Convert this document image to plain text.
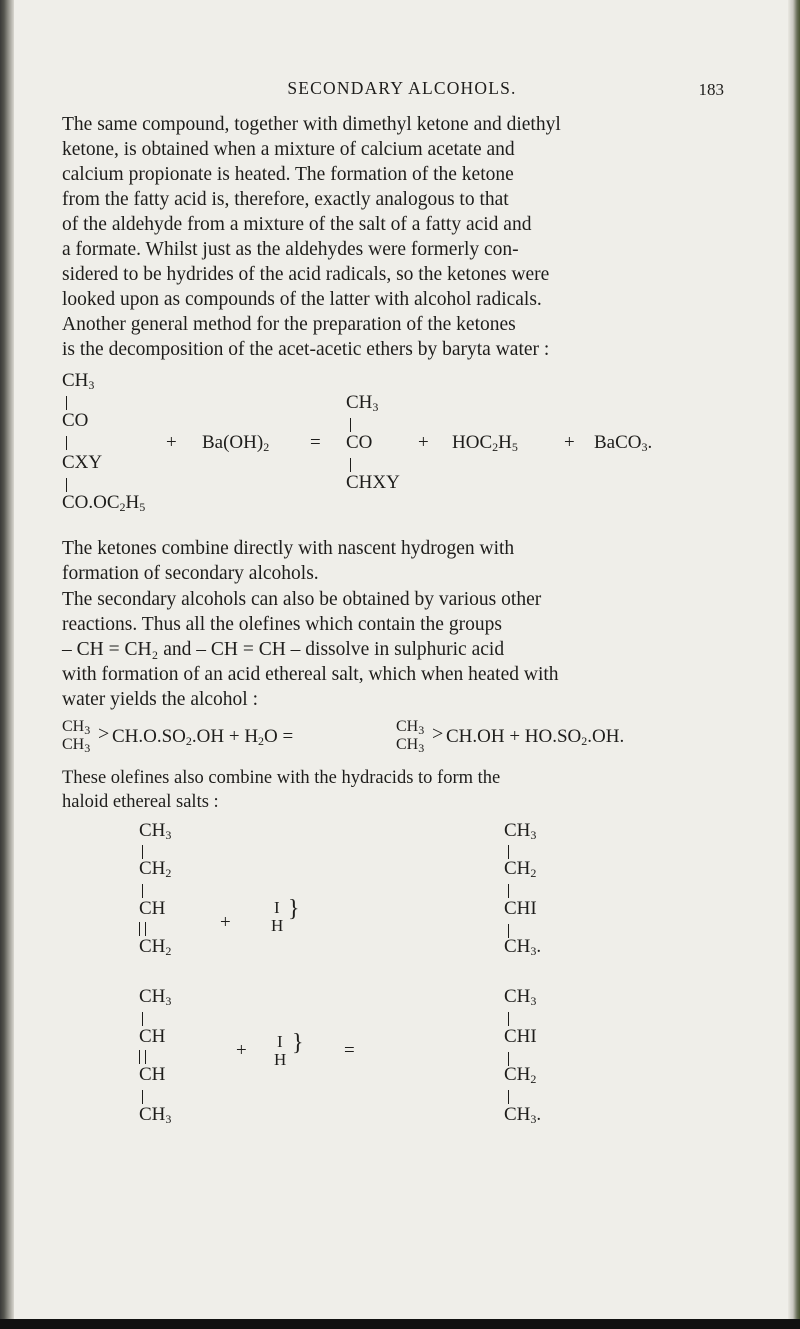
SECONDARY ALCOHOLS.	183

The same compound, together with dimethyl ketone and diethyl
ketone, is obtained when a mixture of calcium acetate and
calcium propionate is heated. The formation of the ketone
from the fatty acid is, therefore, exactly analogous to that
of the aldehyde from a mixture of the salt of a fatty acid and
a formate. Whilst just as the aldehydes were formerly con-
sidered to be hydrides of the acid radicals, so the ketones were
looked upon as compounds of the latter with alcohol radicals.

Another general method for the preparation of the ketones
is the decomposition of the acet-acetic ethers by baryta water :

$CH_3$
CO
CXY
$CO.OC_2H_5$
+ $Ba(OH)_2$ =
$CH_3$
CO
CHXY
+ $HOC_2H_5$ + BaCO$_3$.

The ketones combine directly with nascent hydrogen with
formation of secondary alcohols.

The secondary alcohols can also be obtained by various other
reactions. Thus all the olefines which contain the groups
– CH = CH₂ and – CH = CH – dissolve in sulphuric acid
with formation of an acid ethereal salt, which when heated with
water yields the alcohol :

$CH_3$
$CH_3$
> $CH.O.SO_2.OH + H_2O$ =	$CH_3$
$CH_3$
> $CH.OH + HO.SO_2.OH$.

These olefines also combine with the hydracids to form the
haloid ethereal salts :

$CH_3$
$CH_2$
CH
$CH_2$
+
I
H
}
$CH_3$
$CH_2$
CHI
$CH_3$.
$CH_3$
CH
CH
$CH_3$
+ I
H
} =
$CH_3$
CHI
$CH_2$
$CH_3$.
